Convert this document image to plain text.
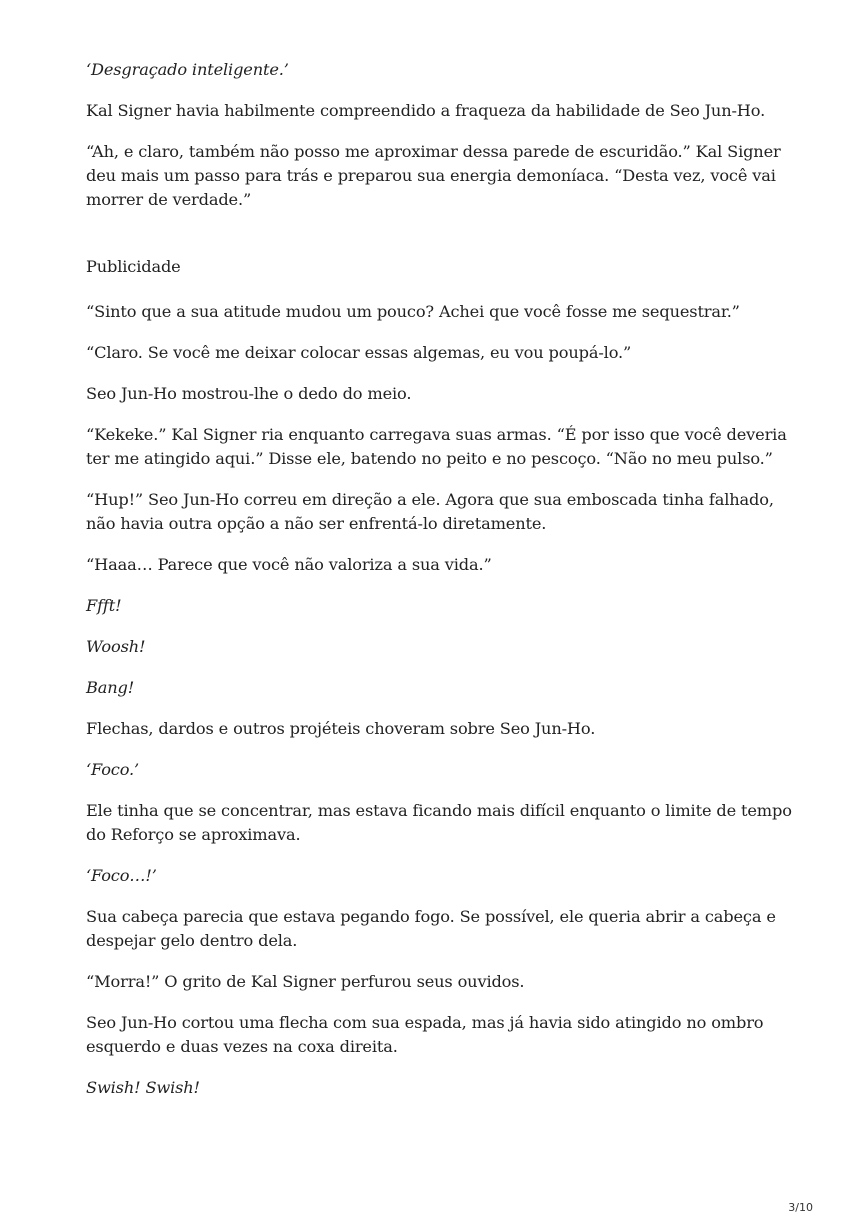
‘Desgraçado inteligente.’

Kal Signer havia habilmente compreendido a fraqueza da habilidade de Seo Jun-Ho.

“Ah, e claro, também não posso me aproximar dessa parede de escuridão.” Kal Signer deu mais um passo para trás e preparou sua energia demoníaca. “Desta vez, você vai morrer de verdade.”

Publicidade

“Sinto que a sua atitude mudou um pouco? Achei que você fosse me sequestrar.”

“Claro. Se você me deixar colocar essas algemas, eu vou poupá-lo.”

Seo Jun-Ho mostrou-lhe o dedo do meio.

“Kekeke.” Kal Signer ria enquanto carregava suas armas. “É por isso que você deveria ter me atingido aqui.” Disse ele, batendo no peito e no pescoço. “Não no meu pulso.”

“Hup!” Seo Jun-Ho correu em direção a ele. Agora que sua emboscada tinha falhado, não havia outra opção a não ser enfrentá-lo diretamente.

“Haaa… Parece que você não valoriza a sua vida.”

Ffft!

Woosh!

Bang!

Flechas, dardos e outros projéteis choveram sobre Seo Jun-Ho.

‘Foco.’

Ele tinha que se concentrar, mas estava ficando mais difícil enquanto o limite de tempo do Reforço se aproximava.

‘Foco…!’

Sua cabeça parecia que estava pegando fogo. Se possível, ele queria abrir a cabeça e despejar gelo dentro dela.

“Morra!” O grito de Kal Signer perfurou seus ouvidos.

Seo Jun-Ho cortou uma flecha com sua espada, mas já havia sido atingido no ombro esquerdo e duas vezes na coxa direita.

Swish! Swish!

3/10
